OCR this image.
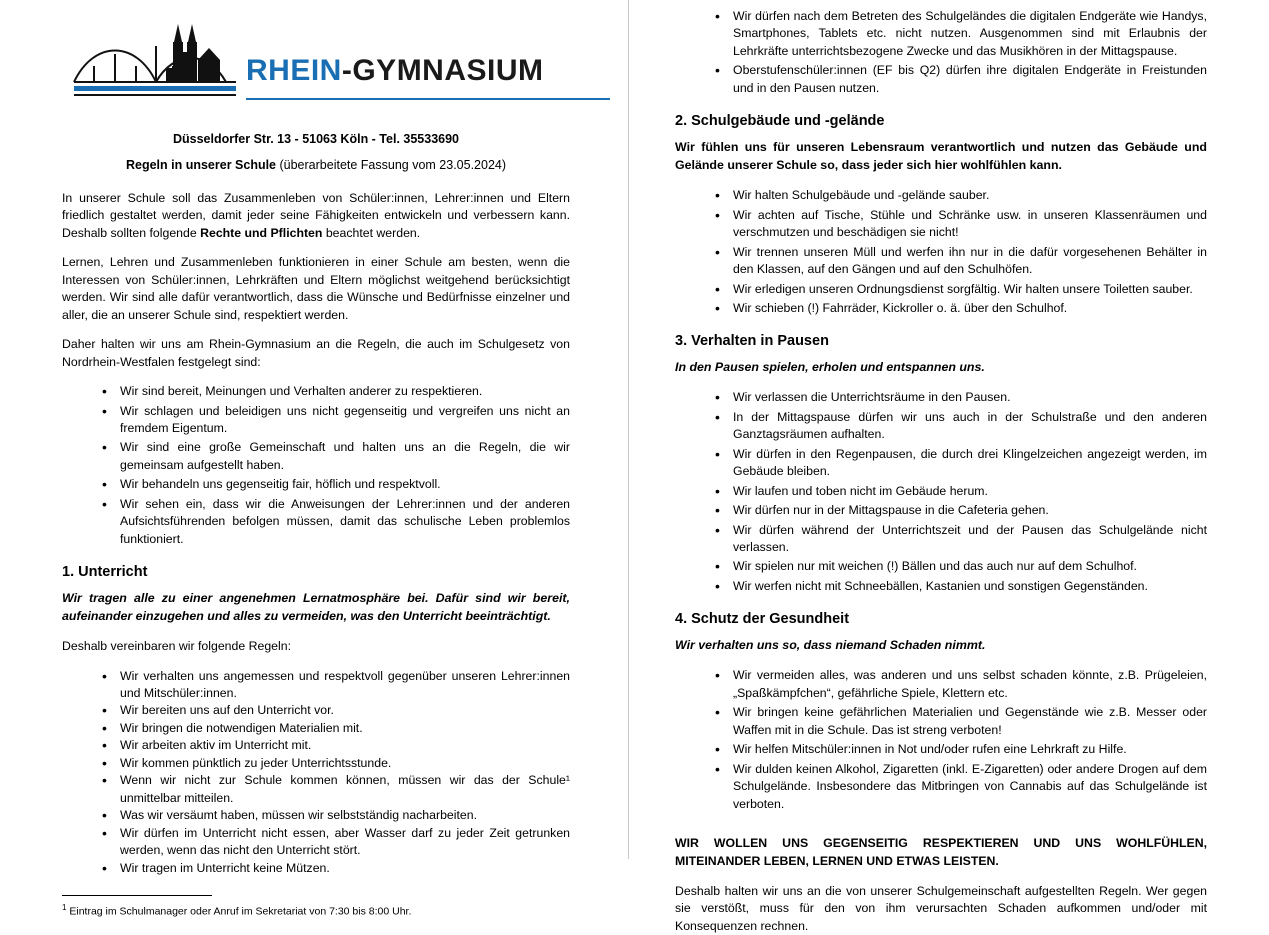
RHEIN-GYMNASIUM
Düsseldorfer Str. 13 - 51063 Köln - Tel. 35533690
Regeln in unserer Schule (überarbeitete Fassung vom 23.05.2024)

In unserer Schule soll das Zusammenleben von Schüler:innen, Lehrer:innen und Eltern friedlich gestaltet werden, damit jeder seine Fähigkeiten entwickeln und verbessern kann. Deshalb sollten folgende Rechte und Pflichten beachtet werden.

Lernen, Lehren und Zusammenleben funktionieren in einer Schule am besten, wenn die Interessen von Schüler:innen, Lehrkräften und Eltern möglichst weitgehend berücksichtigt werden. Wir sind alle dafür verantwortlich, dass die Wünsche und Bedürfnisse einzelner und aller, die an unserer Schule sind, respektiert werden.

Daher halten wir uns am Rhein-Gymnasium an die Regeln, die auch im Schulgesetz von Nordrhein-Westfalen festgelegt sind:

• Wir sind bereit, Meinungen und Verhalten anderer zu respektieren.
• Wir schlagen und beleidigen uns nicht gegenseitig und vergreifen uns nicht an fremdem Eigentum.
• Wir sind eine große Gemeinschaft und halten uns an die Regeln, die wir gemeinsam aufgestellt haben.
• Wir behandeln uns gegenseitig fair, höflich und respektvoll.
• Wir sehen ein, dass wir die Anweisungen der Lehrer:innen und der anderen Aufsichtsführenden befolgen müssen, damit das schulische Leben problemlos funktioniert.
1. Unterricht

Wir tragen alle zu einer angenehmen Lernatmosphäre bei. Dafür sind wir bereit, aufeinander einzugehen und alles zu vermeiden, was den Unterricht beeinträchtigt.

Deshalb vereinbaren wir folgende Regeln:

• Wir verhalten uns angemessen und respektvoll gegenüber unseren Lehrer:innen und Mitschüler:innen.
• Wir bereiten uns auf den Unterricht vor.
• Wir bringen die notwendigen Materialien mit.
• Wir arbeiten aktiv im Unterricht mit.
• Wir kommen pünktlich zu jeder Unterrichtsstunde.
• Wenn wir nicht zur Schule kommen können, müssen wir das der Schule¹ unmittelbar mitteilen.
• Was wir versäumt haben, müssen wir selbstständig nacharbeiten.
• Wir dürfen im Unterricht nicht essen, aber Wasser darf zu jeder Zeit getrunken werden, wenn das nicht den Unterricht stört.
• Wir tragen im Unterricht keine Mützen.
$^1$ Eintrag im Schulmanager oder Anruf im Sekretariat von 7:30 bis 8:00 Uhr.
• Wir dürfen nach dem Betreten des Schulgeländes die digitalen Endgeräte wie Handys, Smartphones, Tablets etc. nicht nutzen. Ausgenommen sind mit Erlaubnis der Lehrkräfte unterrichtsbezogene Zwecke und das Musikhören in der Mittagspause.
• Oberstufenschüler:innen (EF bis Q2) dürfen ihre digitalen Endgeräte in Freistunden und in den Pausen nutzen.
2. Schulgebäude und -gelände

Wir fühlen uns für unseren Lebensraum verantwortlich und nutzen das Gebäude und Gelände unserer Schule so, dass jeder sich hier wohlfühlen kann.

• Wir halten Schulgebäude und -gelände sauber.
• Wir achten auf Tische, Stühle und Schränke usw. in unseren Klassenräumen und verschmutzen und beschädigen sie nicht!
• Wir trennen unseren Müll und werfen ihn nur in die dafür vorgesehenen Behälter in den Klassen, auf den Gängen und auf den Schulhöfen.
• Wir erledigen unseren Ordnungsdienst sorgfältig. Wir halten unsere Toiletten sauber.
• Wir schieben (!) Fahrräder, Kickroller o. ä. über den Schulhof.
3. Verhalten in Pausen

In den Pausen spielen, erholen und entspannen uns.

• Wir verlassen die Unterrichtsräume in den Pausen.
• In der Mittagspause dürfen wir uns auch in der Schulstraße und den anderen Ganztagsräumen aufhalten.
• Wir dürfen in den Regenpausen, die durch drei Klingelzeichen angezeigt werden, im Gebäude bleiben.
• Wir laufen und toben nicht im Gebäude herum.
• Wir dürfen nur in der Mittagspause in die Cafeteria gehen.
• Wir dürfen während der Unterrichtszeit und der Pausen das Schulgelände nicht verlassen.
• Wir spielen nur mit weichen (!) Bällen und das auch nur auf dem Schulhof.
• Wir werfen nicht mit Schneebällen, Kastanien und sonstigen Gegenständen.
4. Schutz der Gesundheit

Wir verhalten uns so, dass niemand Schaden nimmt.

• Wir vermeiden alles, was anderen und uns selbst schaden könnte, z.B. Prügeleien, „Spaßkämpfchen“, gefährliche Spiele, Klettern etc.
• Wir bringen keine gefährlichen Materialien und Gegenstände wie z.B. Messer oder Waffen mit in die Schule. Das ist streng verboten!
• Wir helfen Mitschüler:innen in Not und/oder rufen eine Lehrkraft zu Hilfe.
• Wir dulden keinen Alkohol, Zigaretten (inkl. E-Zigaretten) oder andere Drogen auf dem Schulgelände. Insbesondere das Mitbringen von Cannabis auf das Schulgelände ist verboten.

WIR WOLLEN UNS GEGENSEITIG RESPEKTIEREN UND UNS WOHLFÜHLEN, MITEINANDER LEBEN, LERNEN UND ETWAS LEISTEN.

Deshalb halten wir uns an die von unserer Schulgemeinschaft aufgestellten Regeln. Wer gegen sie verstößt, muss für den von ihm verursachten Schaden aufkommen und/oder mit Konsequenzen rechnen.
